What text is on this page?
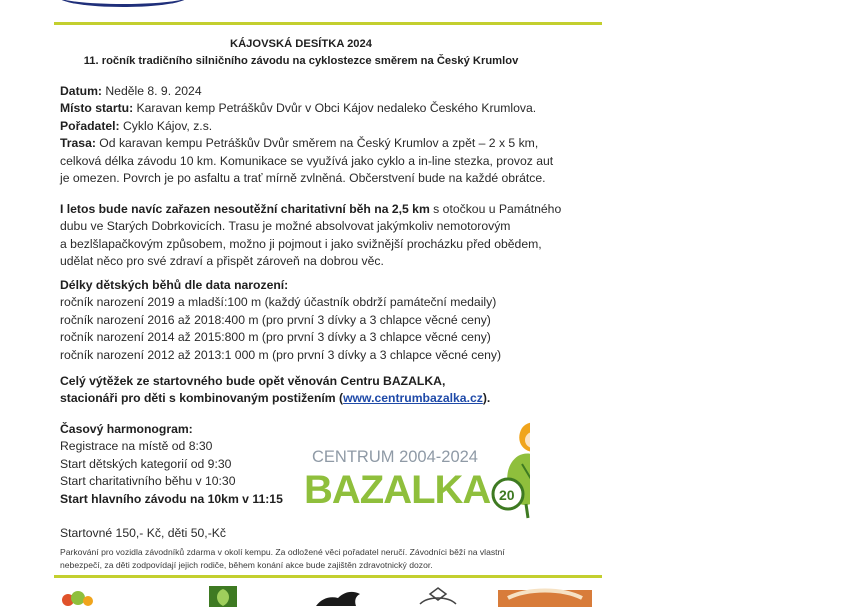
KÁJOVSKÁ DESÍTKA 2024
11. ročník tradičního silničního závodu na cyklostezce směrem na Český Krumlov
Datum: Neděle 8. 9. 2024
Místo startu: Karavan kemp Petráškův Dvůr v Obci Kájov nedaleko Českého Krumlova.
Pořadatel: Cyklo Kájov, z.s.
Trasa: Od karavan kempu Petráškův Dvůr směrem na Český Krumlov a zpět – 2 x 5 km,
celková délka závodu 10 km. Komunikace se využívá jako cyklo a in-line stezka, provoz aut
je omezen. Povrch je po asfaltu a trať mírně zvlněná. Občerstvení bude na každé obrátce.
I letos bude navíc zařazen nesoutěžní charitativní běh na 2,5 km s otočkou u Památného
dubu ve Starých Dobrkovicích. Trasu je možné absolvovat jakýmkoliv nemotorovým
a bezlšlapačkovým způsobem, možno ji pojmout i jako svižnější procházku před obědem,
udělat něco pro své zdraví a přispět zároveň na dobrou věc.
Délky dětských běhů dle data narození:
ročník narození 2019 a mladší:100 m (každý účastník obdrží památeční medaily)
ročník narození 2016 až 2018:400 m (pro první 3 dívky a 3 chlapce věcné ceny)
ročník narození 2014 až 2015:800 m (pro první 3 dívky a 3 chlapce věcné ceny)
ročník narození 2012 až 2013:1 000 m (pro první 3 dívky a 3 chlapce věcné ceny)
Celý výtěžek ze startovného bude opět věnován Centru BAZALKA,
stacionáři pro děti s kombinovaným postižením (www.centrumbazalka.cz).
Časový harmonogram:
Registrace na místě od 8:30
Start dětských kategorií od 9:30
Start charitativního běhu v 10:30
Start hlavního závodu na 10km v 11:15
CENTRUM 2004-2024
BAZALKA 20
Startovné 150,- Kč, děti 50,-Kč
Parkování pro vozidla závodníků zdarma v okolí kempu. Za odložené věci pořadatel neručí. Závodníci běží na vlastní
nebezpečí, za děti zodpovídají jejich rodiče, během konání akce bude zajištěn zdravotnický dozor.
